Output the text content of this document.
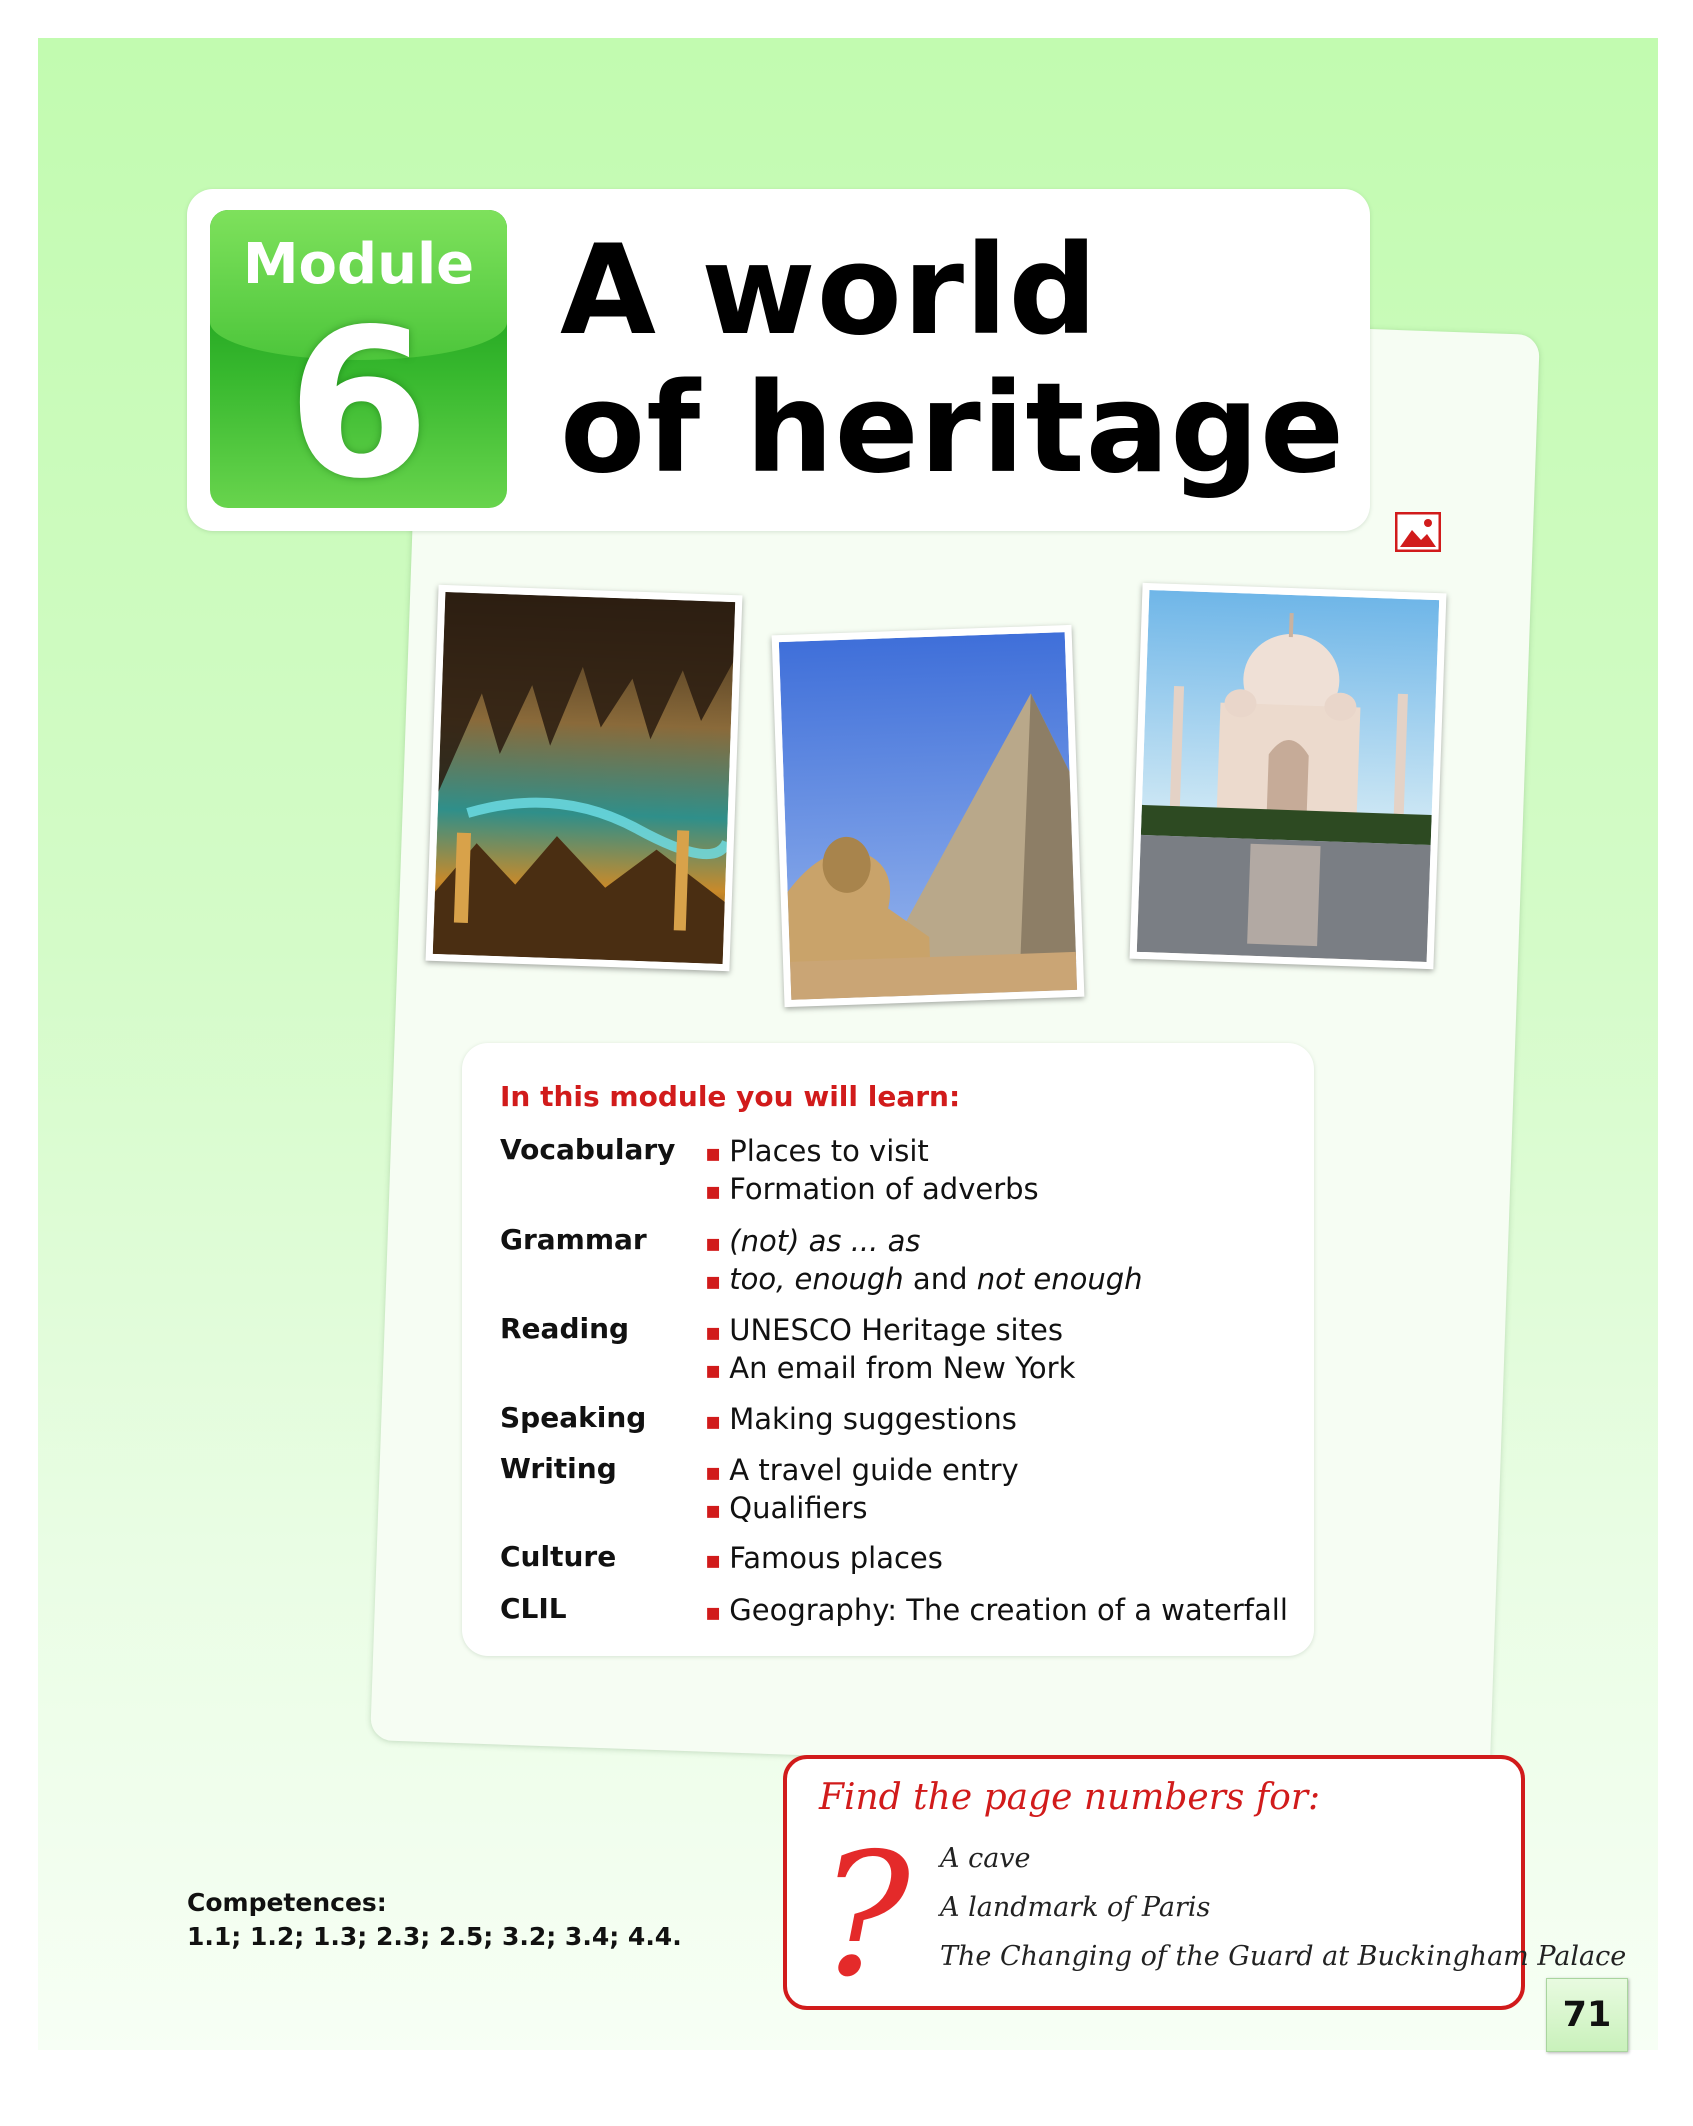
Module
6	A world
of heritage
In this module you will learn:
Vocabulary	▪ Places to visit
▪ Formation of adverbs
Grammar	▪ (not) as ... as
▪ too, enough and not enough
Reading	▪ UNESCO Heritage sites
▪ An email from New York
Speaking	▪ Making suggestions
Writing	▪ A travel guide entry
▪ Qualifiers
Culture	▪ Famous places
CLIL	▪ Geography: The creation of a waterfall
Find the page numbers for:
? A cave
A landmark of Paris
The Changing of the Guard at Buckingham Palace
Competences:
1.1; 1.2; 1.3; 2.3; 2.5; 3.2; 3.4; 4.4.
71
